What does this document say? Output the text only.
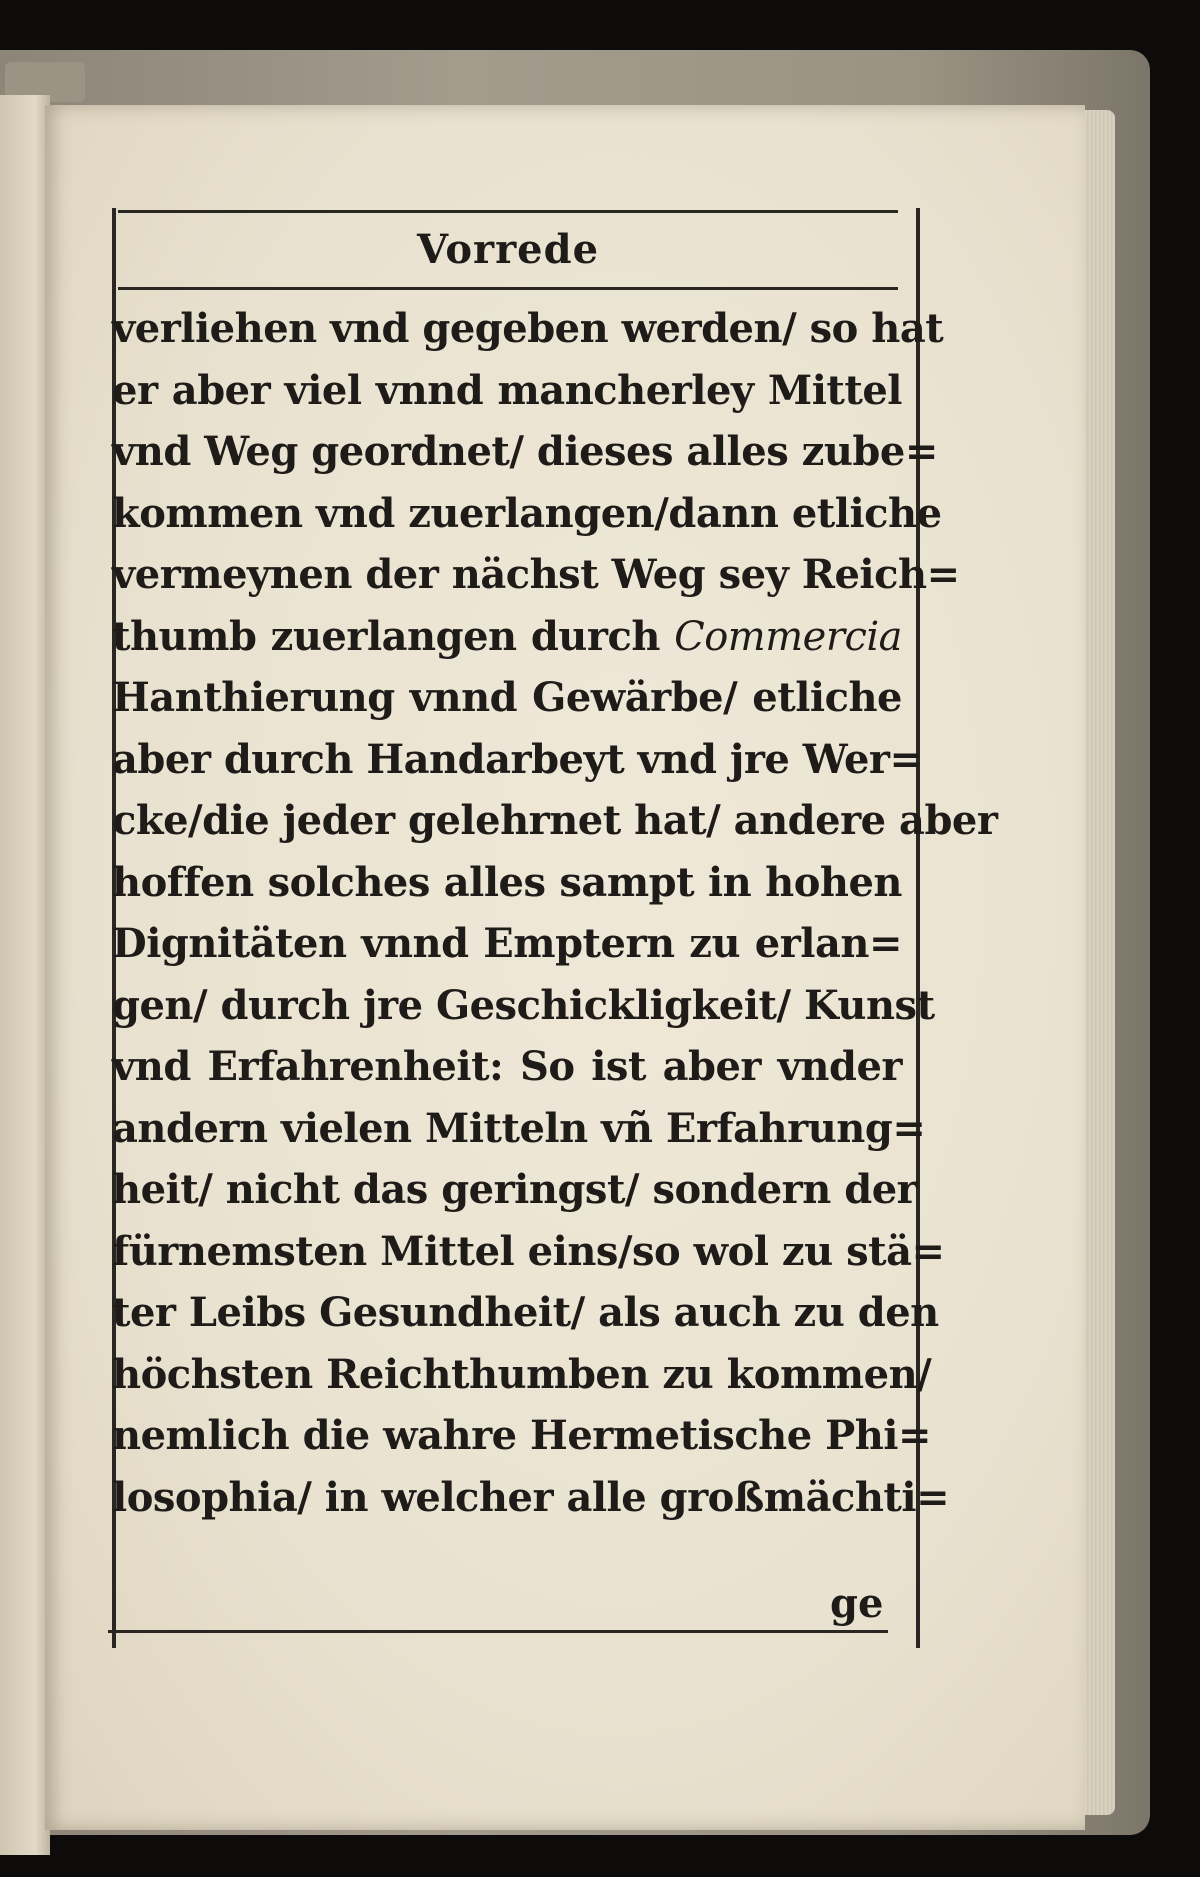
Vorrede
verliehen vnd gegeben werden/ so hat
er aber viel vnnd mancherley Mittel
vnd Weg geordnet/ dieses alles zube=
kommen vnd zuerlangen/dann etliche
vermeynen der nächst Weg sey Reich=
thumb zuerlangen durch Commercia
Hanthierung vnnd Gewärbe/ etliche
aber durch Handarbeyt vnd jre Wer=
cke/die jeder gelehrnet hat/ andere aber
hoffen solches alles sampt in hohen
Dignitäten vnnd Emptern zu erlan=
gen/ durch jre Geschickligkeit/ Kunst
vnd Erfahrenheit: So ist aber vnder
andern vielen Mitteln vñ Erfahrung=
heit/ nicht das geringst/ sondern der
fürnemsten Mittel eins/so wol zu stä=
ter Leibs Gesundheit/ als auch zu den
höchsten Reichthumben zu kommen/
nemlich die wahre Hermetische Phi=
losophia/ in welcher alle großmächti=
ge
